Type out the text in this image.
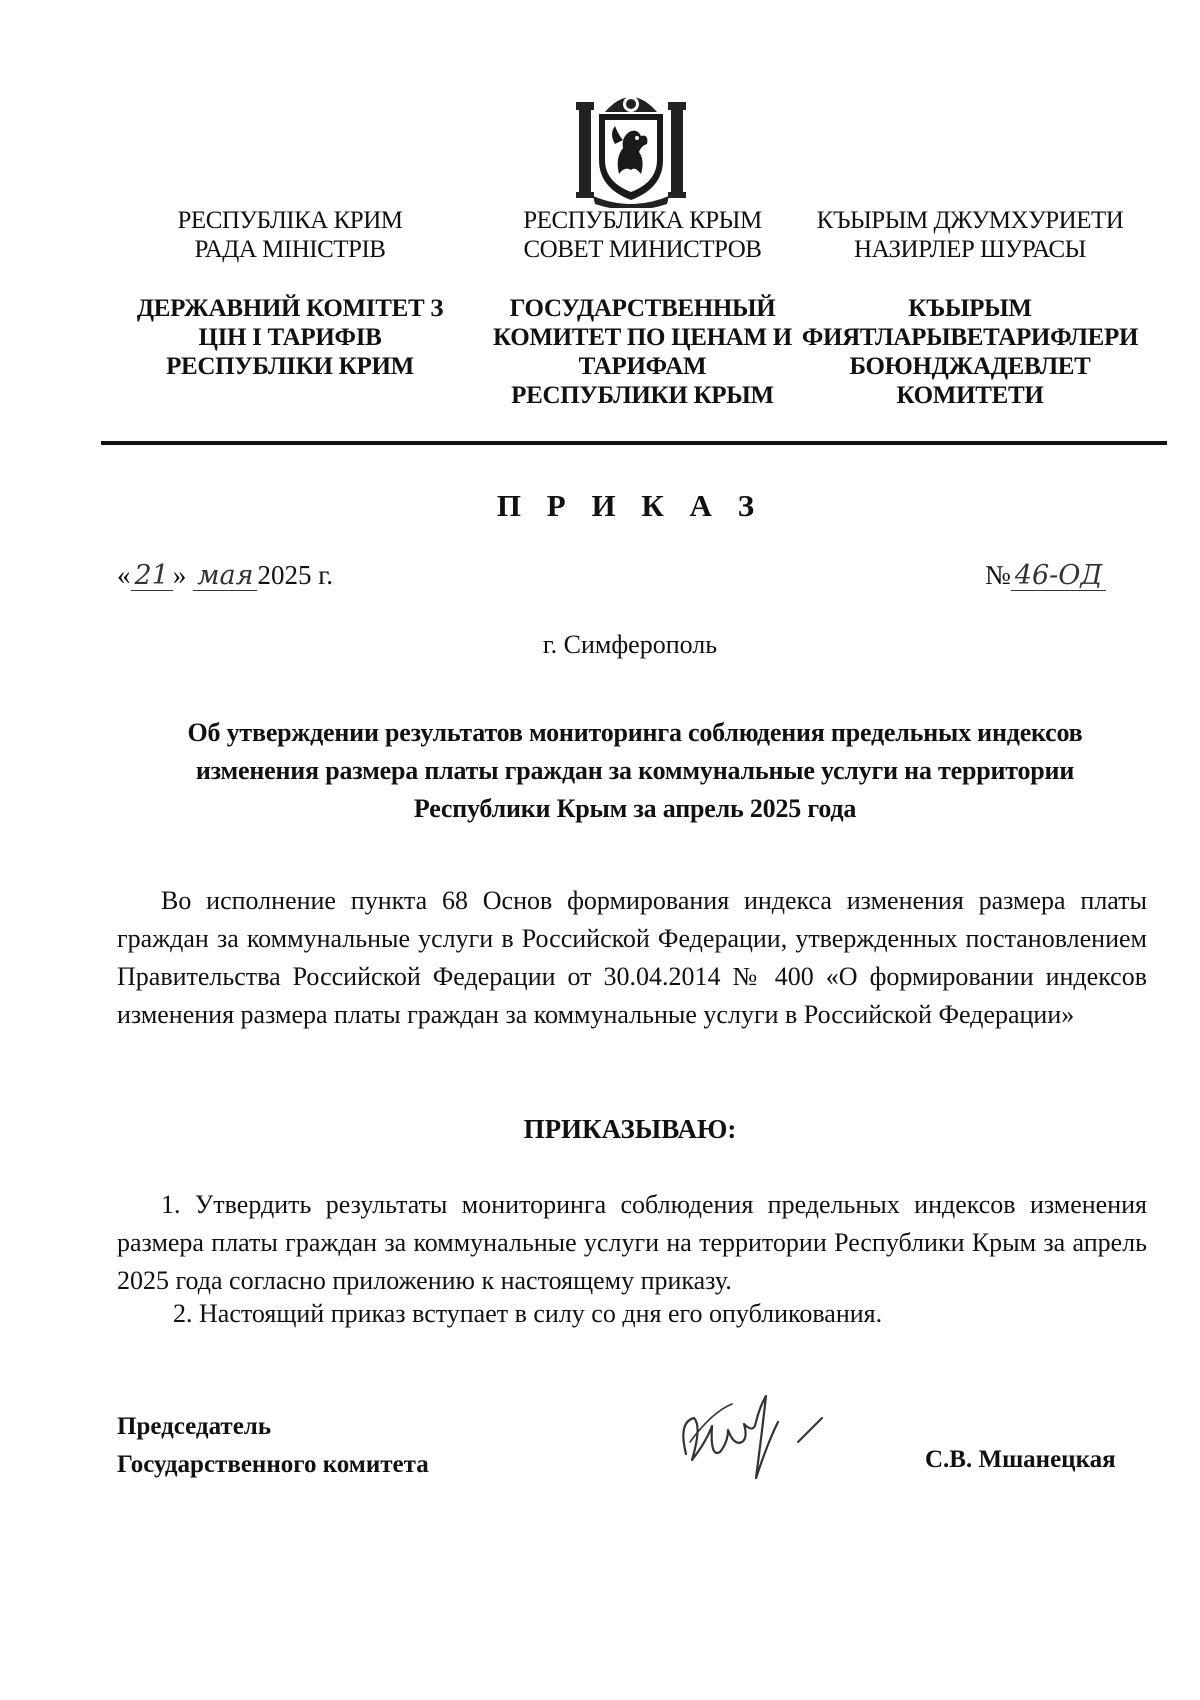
РЕСПУБЛІКА КРИМ
РАДА МІНІСТРІВ
ДЕРЖАВНИЙ КОМІТЕТ З
ЦІН І ТАРИФІВ
РЕСПУБЛІКИ КРИМ
РЕСПУБЛИКА КРЫМ
СОВЕТ МИНИСТРОВ
ГОСУДАРСТВЕННЫЙ
КОМИТЕТ ПО ЦЕНАМ И
ТАРИФАМ
РЕСПУБЛИКИ КРЫМ
КЪЫРЫМ ДЖУМХУРИЕТИ
НАЗИРЛЕР ШУРАСЫ
КЪЫРЫМ
ФИЯТЛАРЫВЕТАРИФЛЕРИ
БОЮНДЖАДЕВЛЕТ
КОМИТЕТИ
П Р И К А З
« 21 » мая 2025 г.	№ 46-ОД
г. Симферополь
Об утверждении результатов мониторинга соблюдения предельных индексов изменения размера платы граждан за коммунальные услуги на территории Республики Крым за апрель 2025 года
Во исполнение пункта 68 Основ формирования индекса изменения размера платы граждан за коммунальные услуги в Российской Федерации, утвержденных постановлением Правительства Российской Федерации от 30.04.2014 № 400 «О формировании индексов изменения размера платы граждан за коммунальные услуги в Российской Федерации»
ПРИКАЗЫВАЮ:
1. Утвердить результаты мониторинга соблюдения предельных индексов изменения размера платы граждан за коммунальные услуги на территории Республики Крым за апрель 2025 года согласно приложению к настоящему приказу.
2. Настоящий приказ вступает в силу со дня его опубликования.
Председатель
Государственного комитета	С.В. Мшанецкая
